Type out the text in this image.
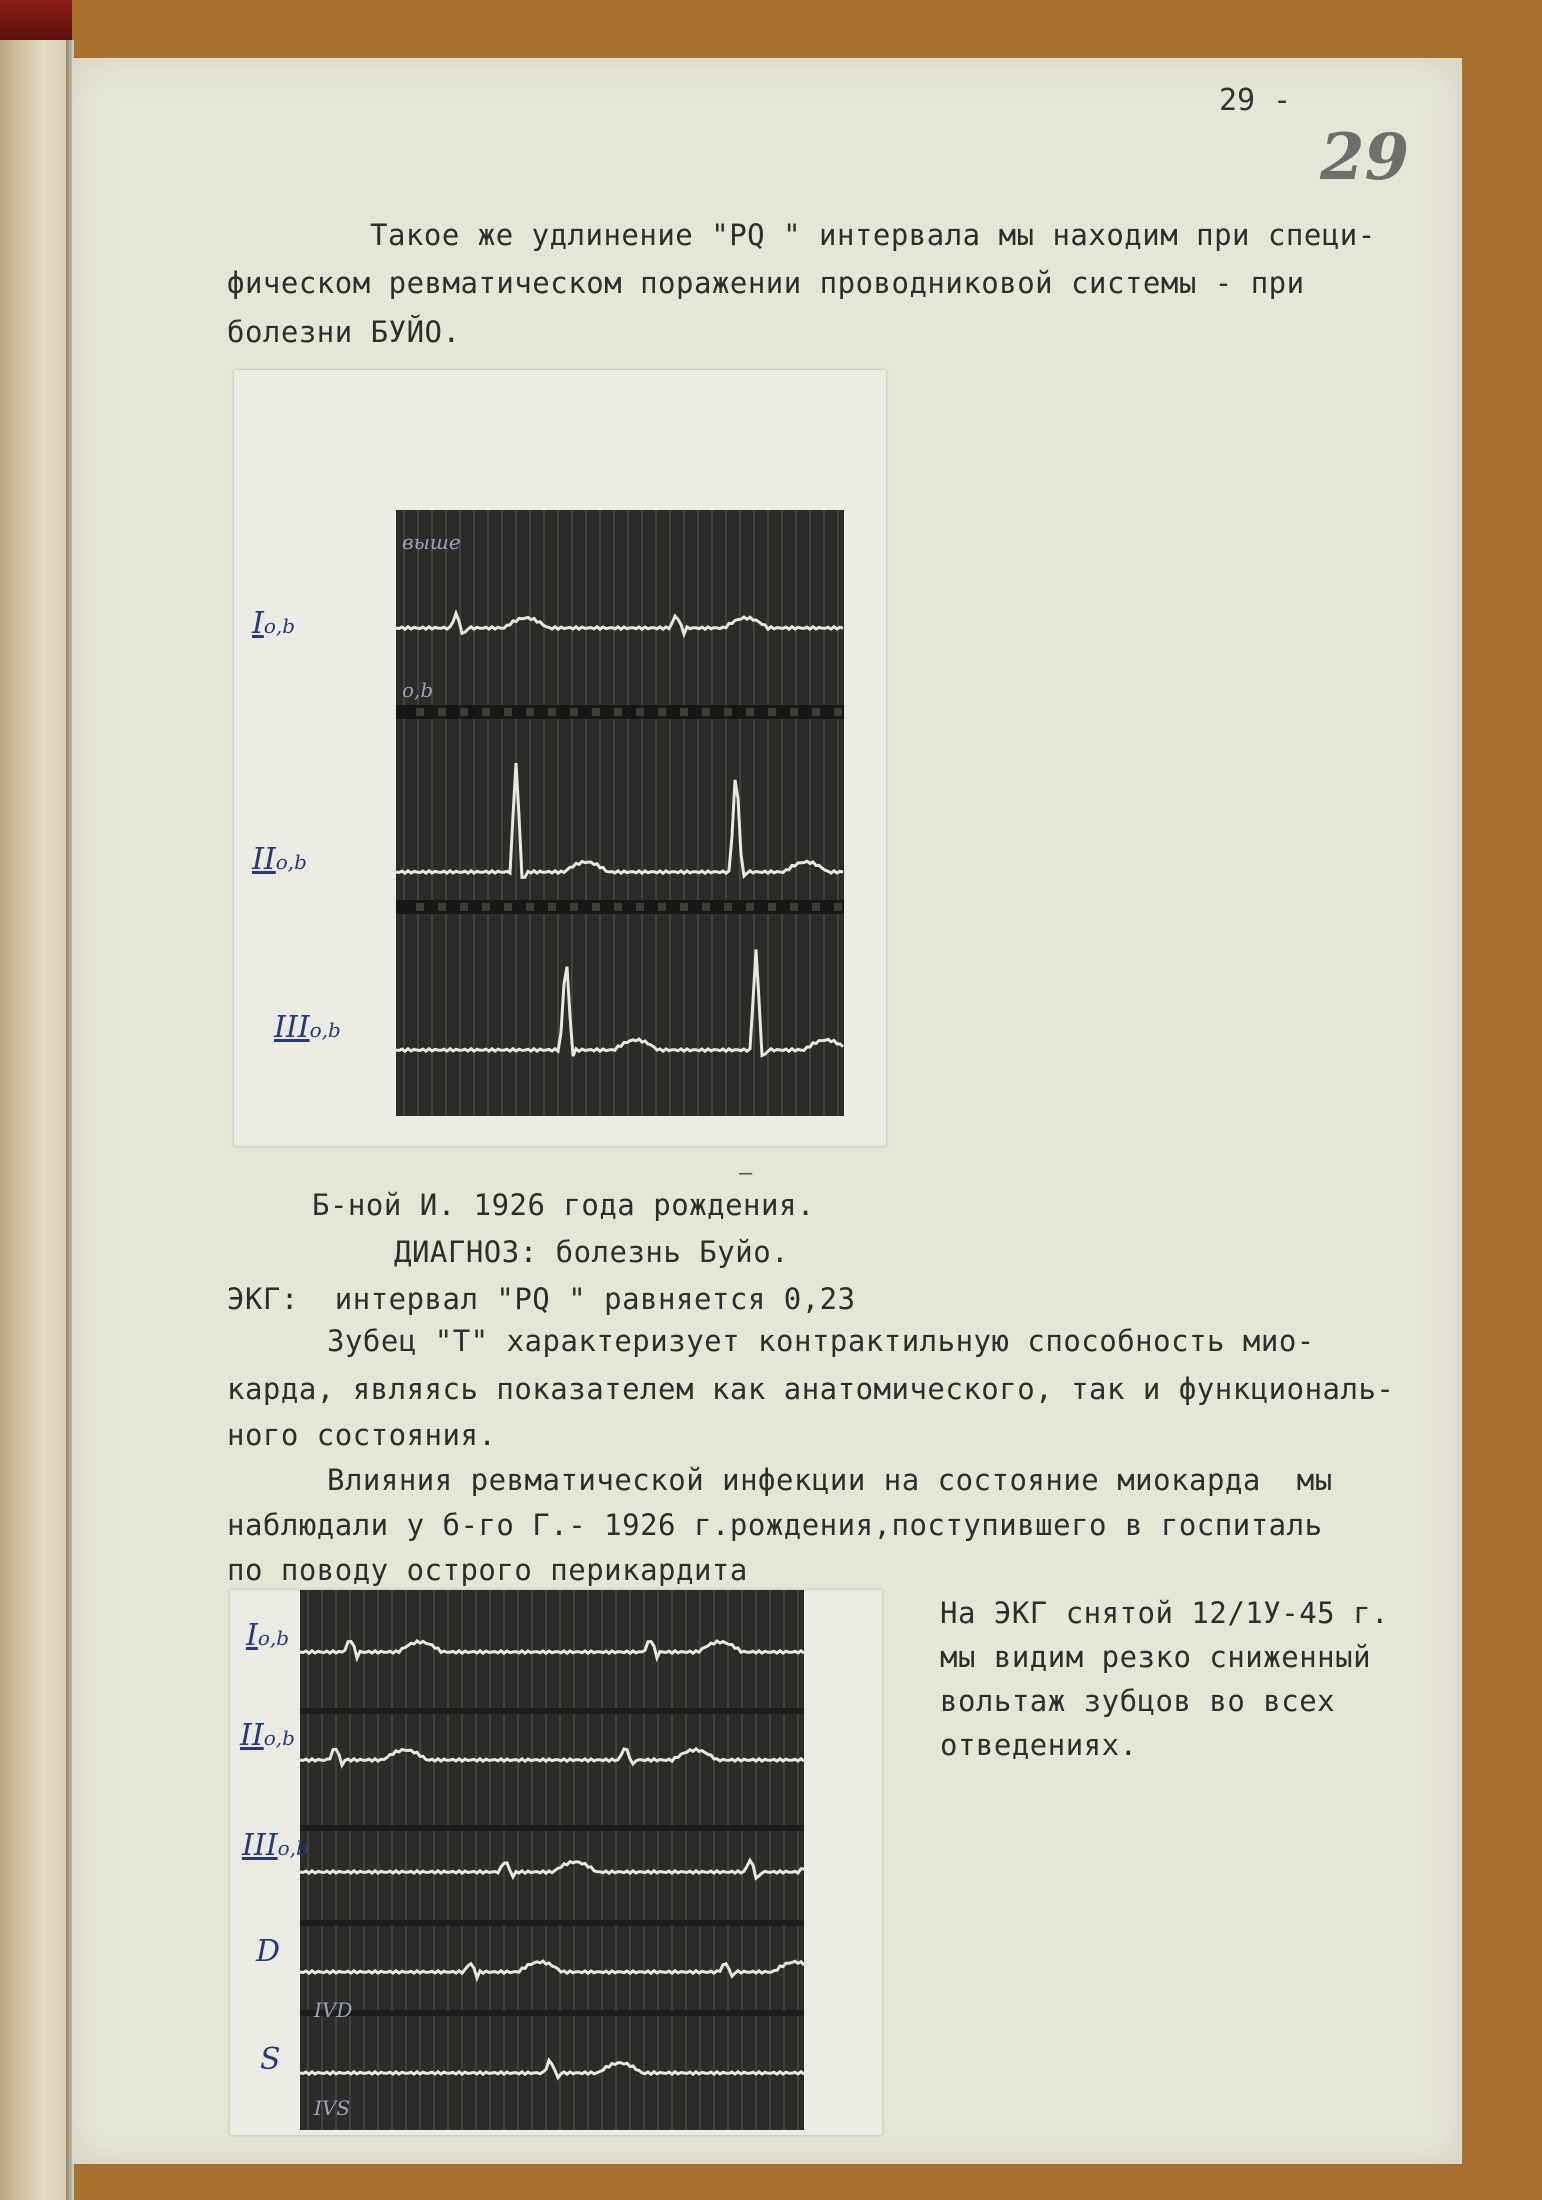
29 -
29
Такое же удлинение "PQ " интервала мы находим при специ-
фическом ревматическом поражении проводниковой системы - при
болезни БУЙО.
выше
o,b
Io,b
IIo,b
IIIo,b
–
Б-ной И. 1926 года рождения.
ДИАГНОЗ: болезнь Буйо.
ЭКГ:  интервал "PQ " равняется 0,23
Зубец "Т" характеризует контрактильную способность мио-
карда, являясь показателем как анатомического, так и функциональ-
ного состояния.
Влияния ревматической инфекции на состояние миокарда  мы
наблюдали у б-го Г.- 1926 г.рождения,поступившего в госпиталь
по поводу острого перикардита
IVD
IVS
Io,b
IIo,b
IIIo,b
D
S
На ЭКГ снятой 12/1У-45 г.
мы видим резко сниженный
вольтаж зубцов во всех
отведениях.
